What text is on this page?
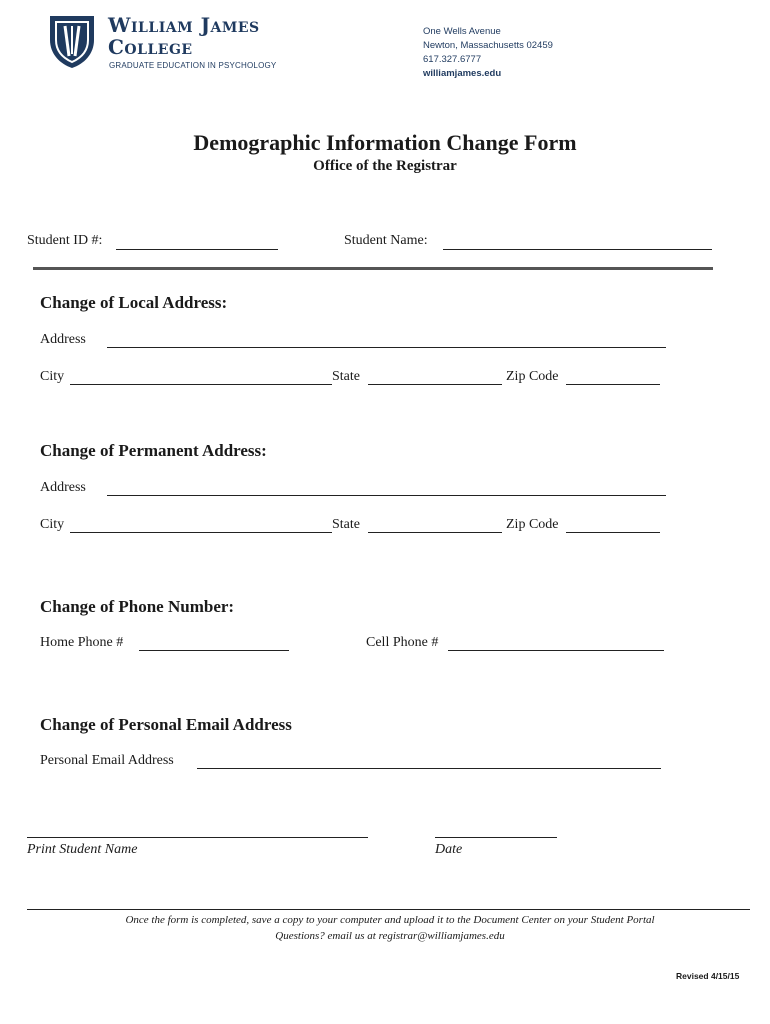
William James
College
GRADUATE EDUCATION IN PSYCHOLOGY
One Wells Avenue
Newton, Massachusetts 02459
617.327.6777
williamjames.edu
Demographic Information Change Form
Office of the Registrar
Student ID #:	Student Name:
Change of Local Address:
Address
City	State	Zip Code
Change of Permanent Address:
Address
City	State	Zip Code
Change of Phone Number:
Home Phone #	Cell Phone #
Change of Personal Email Address
Personal Email Address
Print Student Name	Date
Once the form is completed, save a copy to your computer and upload it to the Document Center on your Student Portal
Questions? email us at registrar@williamjames.edu
Revised 4/15/15
